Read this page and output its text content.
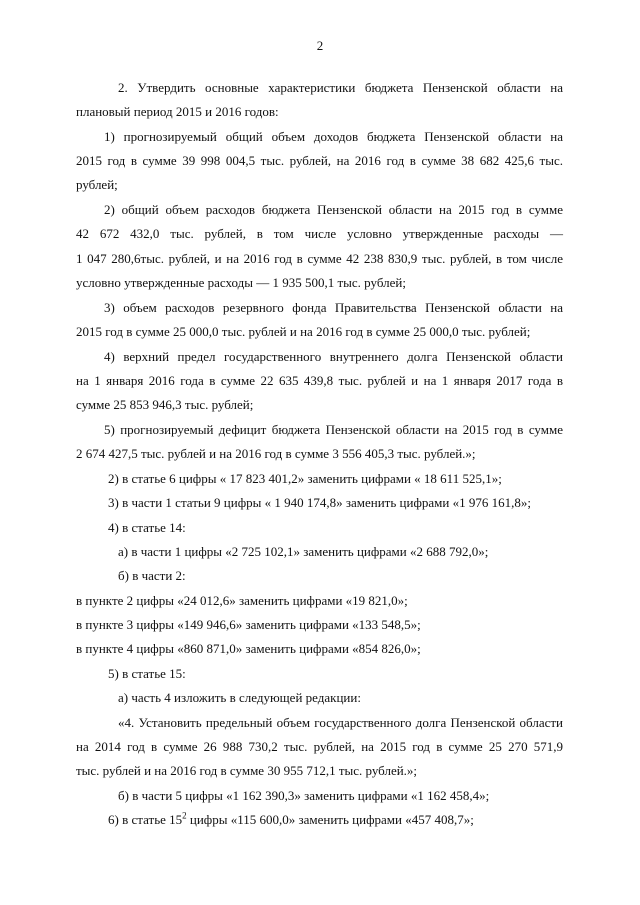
2
2. Утвердить основные характеристики бюджета Пензенской области на
плановый период 2015 и 2016 годов:
1) прогнозируемый общий объем доходов бюджета Пензенской области на
2015 год в сумме 39 998 004,5 тыс. рублей, на 2016 год в сумме 38 682 425,6 тыс.
рублей;
2) общий объем расходов бюджета Пензенской области на 2015 год в сумме
42 672 432,0 тыс. рублей, в том числе условно утвержденные расходы —
1 047 280,6тыс. рублей, и на 2016 год в сумме 42 238 830,9 тыс. рублей, в том числе
условно утвержденные расходы — 1 935 500,1 тыс. рублей;
3) объем расходов резервного фонда Правительства Пензенской области на
2015 год в сумме 25 000,0 тыс. рублей и на 2016 год в сумме 25 000,0 тыс. рублей;
4) верхний предел государственного внутреннего долга Пензенской области
на 1 января 2016 года в сумме 22 635 439,8 тыс. рублей и на 1 января 2017 года в
сумме 25 853 946,3 тыс. рублей;
5) прогнозируемый дефицит бюджета Пензенской области на 2015 год в сумме
2 674 427,5 тыс. рублей и на 2016 год в сумме 3 556 405,3 тыс. рублей.»;
2) в статье 6 цифры « 17 823 401,2» заменить цифрами « 18 611 525,1»;
3) в части 1 статьи 9 цифры « 1 940 174,8» заменить цифрами «1 976 161,8»;
4) в статье 14:
а) в части 1 цифры «2 725 102,1» заменить цифрами «2 688 792,0»;
б) в части 2:
в пункте 2 цифры «24 012,6» заменить цифрами «19 821,0»;
в пункте 3 цифры «149 946,6» заменить цифрами «133 548,5»;
в пункте 4 цифры «860 871,0» заменить цифрами «854 826,0»;
5) в статье 15:
а) часть 4 изложить в следующей редакции:
«4. Установить предельный объем государственного долга Пензенской области
на 2014 год в сумме 26 988 730,2 тыс. рублей, на 2015 год в сумме 25 270 571,9
тыс. рублей и на 2016 год в сумме 30 955 712,1 тыс. рублей.»;
б) в части 5 цифры «1 162 390,3» заменить цифрами «1 162 458,4»;
6) в статье $15^2$ цифры «115 600,0» заменить цифрами «457 408,7»;
